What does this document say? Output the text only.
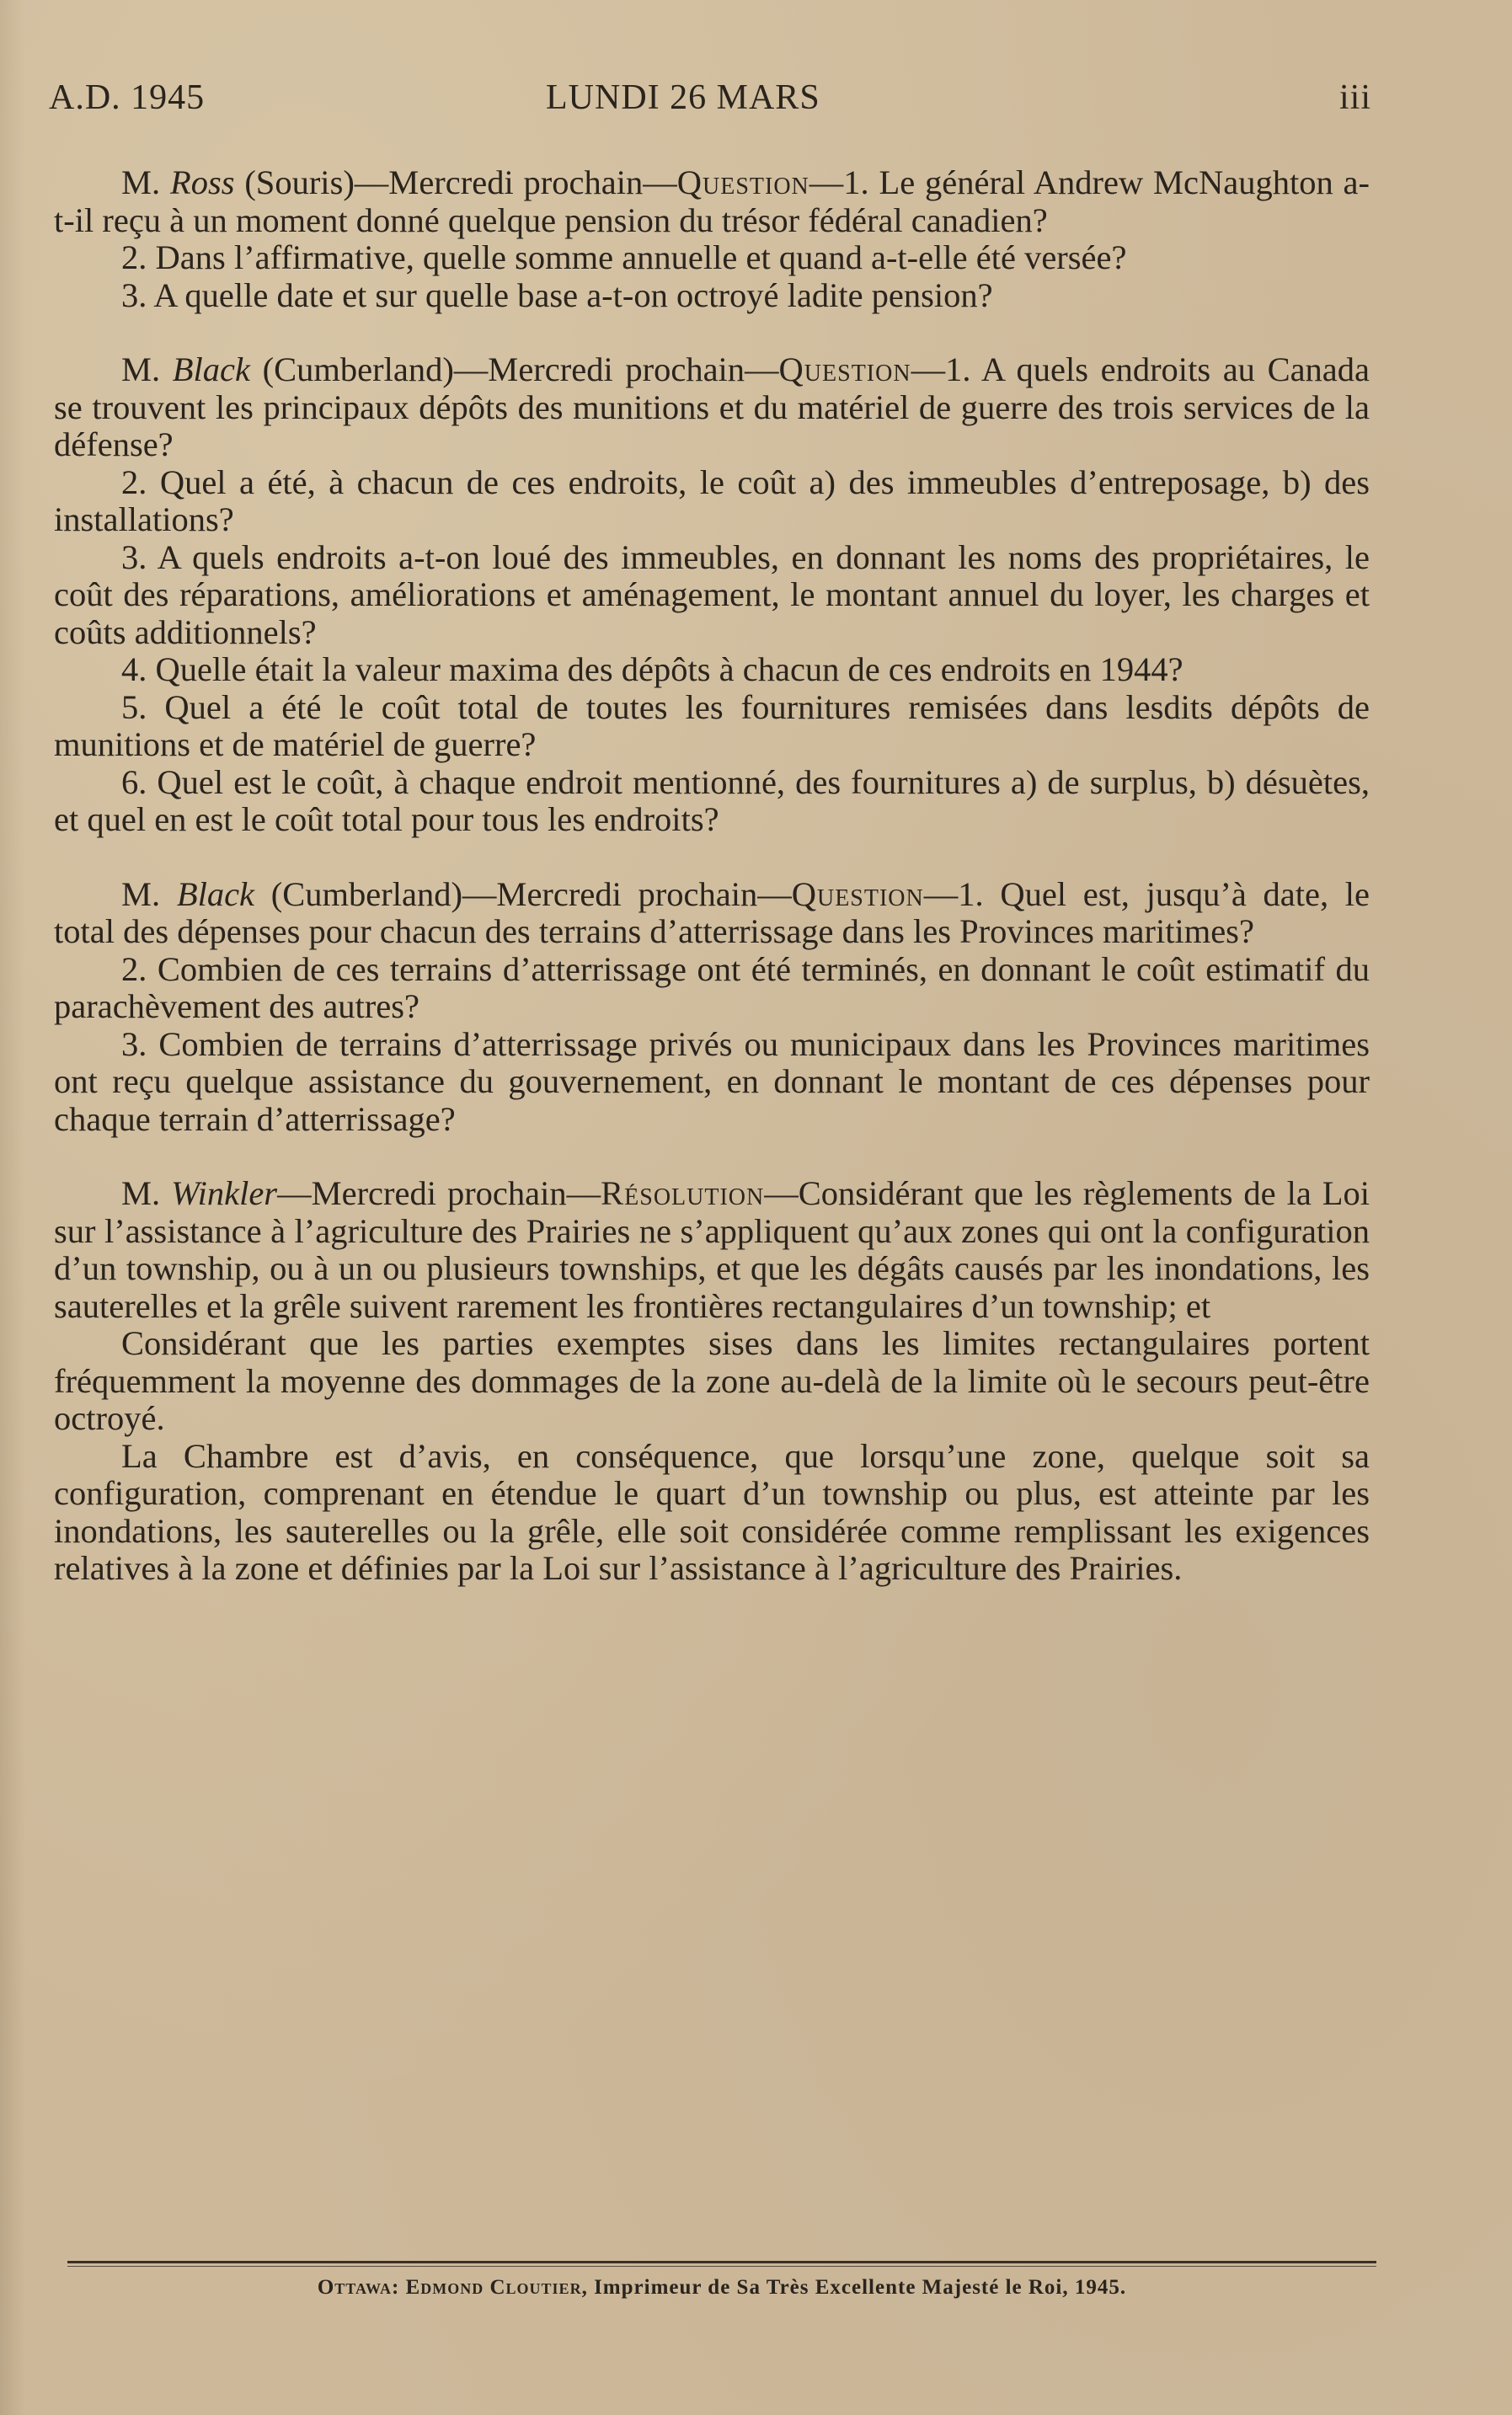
A.D. 1945	LUNDI 26 MARS	iii

M. Ross (Souris)—Mercredi prochain—Question—1. Le général Andrew McNaughton a-t-il reçu à un moment donné quelque pension du trésor fédéral canadien?

2. Dans l’affirmative, quelle somme annuelle et quand a-t-elle été versée?

3. A quelle date et sur quelle base a-t-on octroyé ladite pension?

M. Black (Cumberland)—Mercredi prochain—Question—1. A quels endroits au Canada se trouvent les principaux dépôts des munitions et du matériel de guerre des trois services de la défense?

2. Quel a été, à chacun de ces endroits, le coût a) des immeubles d’entreposage, b) des installations?

3. A quels endroits a-t-on loué des immeubles, en donnant les noms des propriétaires, le coût des réparations, améliorations et aménagement, le montant annuel du loyer, les charges et coûts additionnels?

4. Quelle était la valeur maxima des dépôts à chacun de ces endroits en 1944?

5. Quel a été le coût total de toutes les fournitures remisées dans lesdits dépôts de munitions et de matériel de guerre?

6. Quel est le coût, à chaque endroit mentionné, des fournitures a) de surplus, b) désuètes, et quel en est le coût total pour tous les endroits?

M. Black (Cumberland)—Mercredi prochain—Question—1. Quel est, jusqu’à date, le total des dépenses pour chacun des terrains d’atterrissage dans les Provinces maritimes?

2. Combien de ces terrains d’atterrissage ont été terminés, en donnant le coût estimatif du parachèvement des autres?

3. Combien de terrains d’atterrissage privés ou municipaux dans les Provinces maritimes ont reçu quelque assistance du gouvernement, en donnant le montant de ces dépenses pour chaque terrain d’atterrissage?

M. Winkler—Mercredi prochain—Résolution—Considérant que les règlements de la Loi sur l’assistance à l’agriculture des Prairies ne s’appliquent qu’aux zones qui ont la configuration d’un township, ou à un ou plusieurs townships, et que les dégâts causés par les inondations, les sauterelles et la grêle suivent rarement les frontières rectangulaires d’un township; et

Considérant que les parties exemptes sises dans les limites rectangulaires portent fréquemment la moyenne des dommages de la zone au-delà de la limite où le secours peut-être octroyé.

La Chambre est d’avis, en conséquence, que lorsqu’une zone, quelque soit sa configuration, comprenant en étendue le quart d’un township ou plus, est atteinte par les inondations, les sauterelles ou la grêle, elle soit considérée comme remplissant les exigences relatives à la zone et définies par la Loi sur l’assistance à l’agriculture des Prairies.

Ottawa: Edmond Cloutier, Imprimeur de Sa Très Excellente Majesté le Roi, 1945.
